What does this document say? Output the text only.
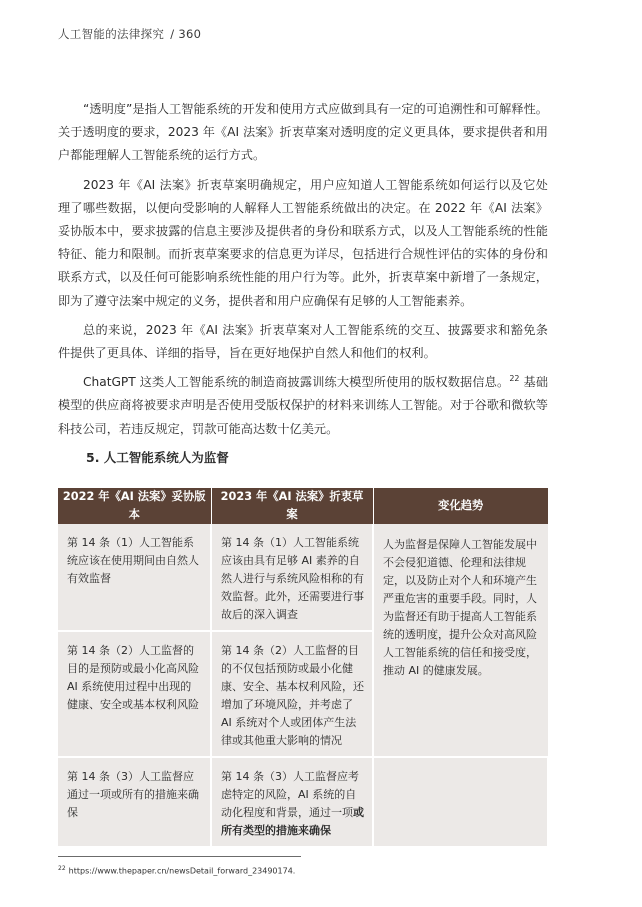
人工智能的法律探究 / 360

“透明度”是指人工智能系统的开发和使用方式应做到具有一定的可追溯性和可解释性。关于透明度的要求，2023 年《AI 法案》折衷草案对透明度的定义更具体，要求提供者和用户都能理解人工智能系统的运行方式。

2023 年《AI 法案》折衷草案明确规定，用户应知道人工智能系统如何运行以及它处理了哪些数据，以便向受影响的人解释人工智能系统做出的决定。在 2022 年《AI 法案》妥协版本中，要求披露的信息主要涉及提供者的身份和联系方式，以及人工智能系统的性能特征、能力和限制。而折衷草案要求的信息更为详尽，包括进行合规性评估的实体的身份和联系方式，以及任何可能影响系统性能的用户行为等。此外，折衷草案中新增了一条规定，即为了遵守法案中规定的义务，提供者和用户应确保有足够的人工智能素养。

总的来说，2023 年《AI 法案》折衷草案对人工智能系统的交互、披露要求和豁免条件提供了更具体、详细的指导，旨在更好地保护自然人和他们的权利。

ChatGPT 这类人工智能系统的制造商披露训练大模型所使用的版权数据信息。$^{22}$ 基础模型的供应商将被要求声明是否使用受版权保护的材料来训练人工智能。对于谷歌和微软等科技公司，若违反规定，罚款可能高达数十亿美元。

5. 人工智能系统人为监督
2022 年《AI 法案》妥协版本	2023 年《AI 法案》折衷草案	变化趋势
第 14 条（1）人工智能系统应该在使用期间由自然人有效监督	第 14 条（1）人工智能系统应该由具有足够 AI 素养的自然人进行与系统风险相称的有效监督。此外，还需要进行事故后的深入调查	人为监督是保障人工智能发展中不会侵犯道德、伦理和法律规定，以及防止对个人和环境产生严重危害的重要手段。同时，人为监督还有助于提高人工智能系统的透明度，提升公众对高风险人工智能系统的信任和接受度，推动 AI 的健康发展。
第 14 条（2）人工监督的目的是预防或最小化高风险 AI 系统使用过程中出现的健康、安全或基本权利风险	第 14 条（2）人工监督的目的不仅包括预防或最小化健康、安全、基本权利风险，还增加了环境风险，并考虑了 AI 系统对个人或团体产生法律或其他重大影响的情况	
第 14 条（3）人工监督应通过一项或所有的措施来确保	第 14 条（3）人工监督应考虑特定的风险，AI 系统的自动化程度和背景，通过一项或所有类型的措施来确保	
$^{22}$ https://www.thepaper.cn/newsDetail_forward_23490174.
